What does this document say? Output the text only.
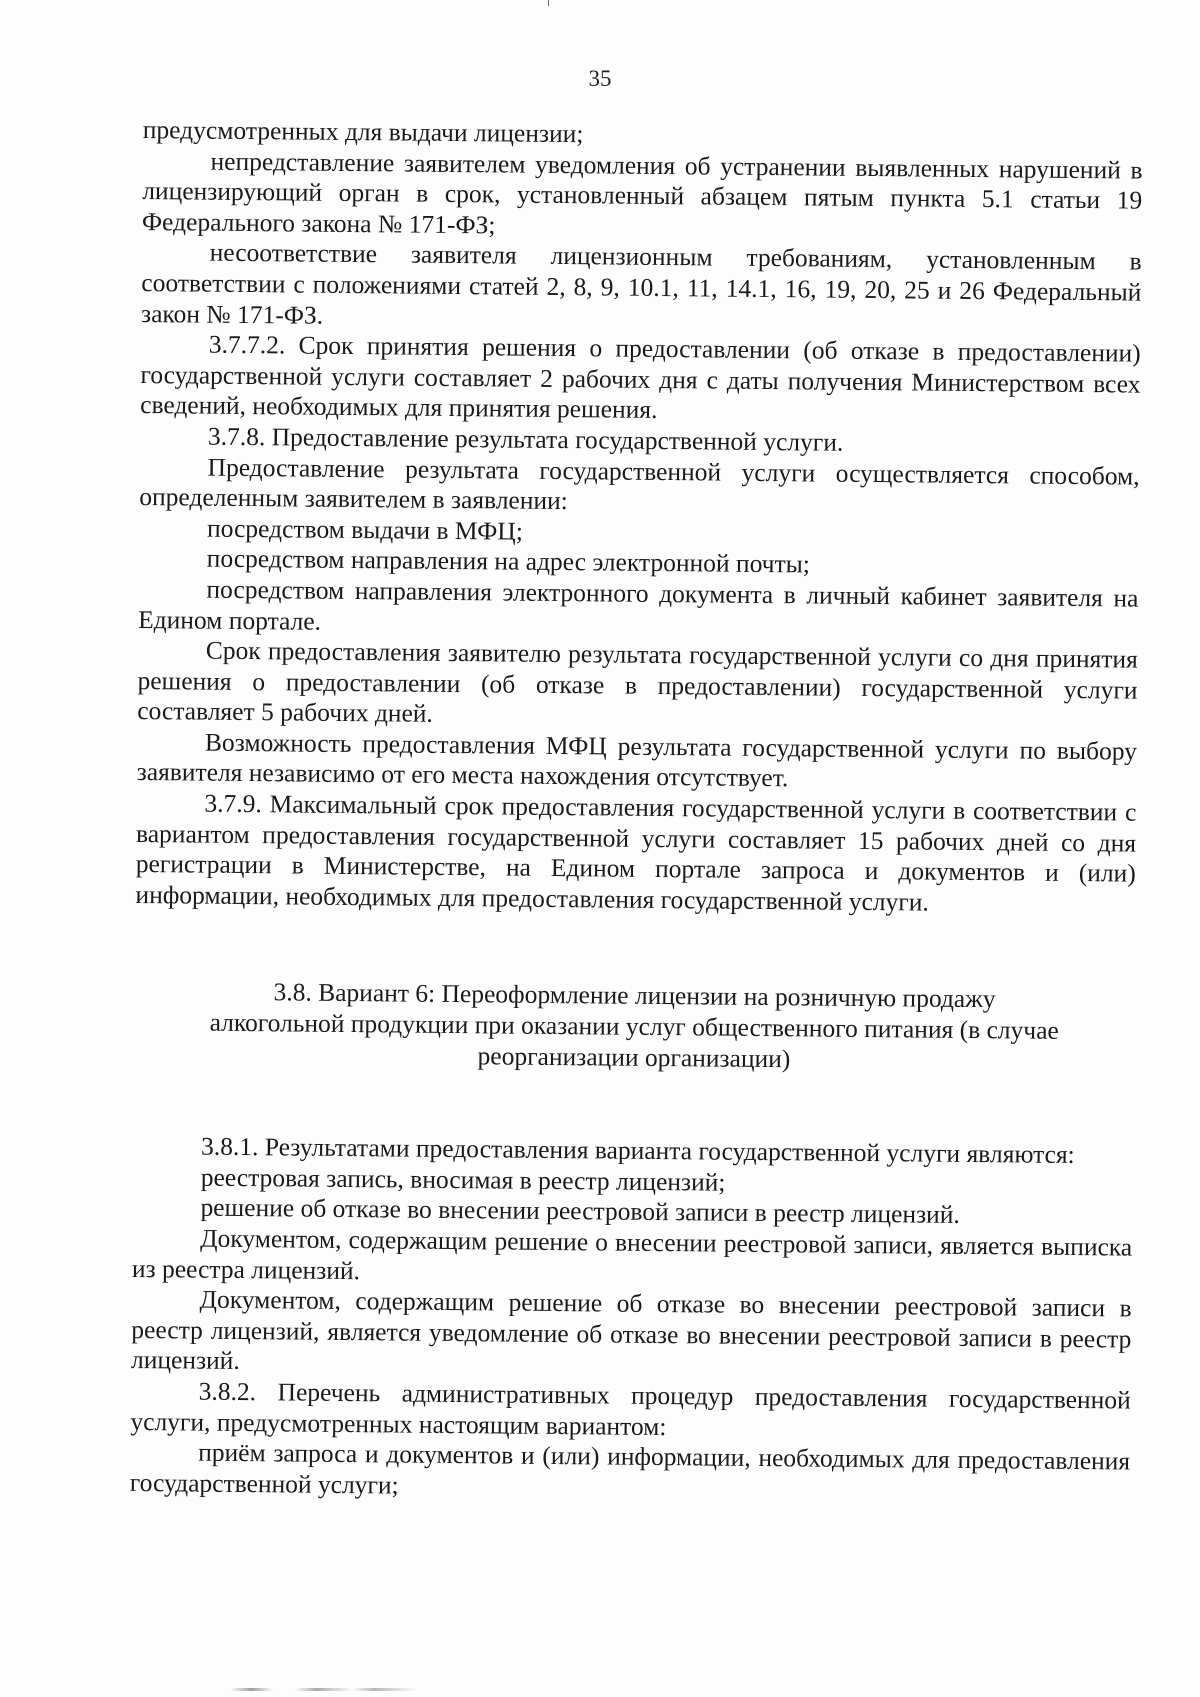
35

предусмотренных для выдачи лицензии;

непредставление заявителем уведомления об устранении выявленных нарушений в лицензирующий орган в срок, установленный абзацем пятым пункта 5.1 статьи 19 Федерального закона № 171-ФЗ;

несоответствие заявителя лицензионным требованиям, установленным в соответствии с положениями статей 2, 8, 9, 10.1, 11, 14.1, 16, 19, 20, 25 и 26 Федеральный закон № 171-ФЗ.

3.7.7.2. Срок принятия решения о предоставлении (об отказе в предоставлении) государственной услуги составляет 2 рабочих дня с даты получения Министерством всех сведений, необходимых для принятия решения.

3.7.8. Предоставление результата государственной услуги.

Предоставление результата государственной услуги осуществляется способом, определенным заявителем в заявлении:

посредством выдачи в МФЦ;

посредством направления на адрес электронной почты;

посредством направления электронного документа в личный кабинет заявителя на Едином портале.

Срок предоставления заявителю результата государственной услуги со дня принятия решения о предоставлении (об отказе в предоставлении) государственной услуги составляет 5 рабочих дней.

Возможность предоставления МФЦ результата государственной услуги по выбору заявителя независимо от его места нахождения отсутствует.

3.7.9. Максимальный срок предоставления государственной услуги в соответствии с вариантом предоставления государственной услуги составляет 15 рабочих дней со дня регистрации в Министерстве, на Едином портале запроса и документов и (или) информации, необходимых для предоставления государственной услуги.

3.8. Вариант 6: Переоформление лицензии на розничную продажу
алкогольной продукции при оказании услуг общественного питания (в случае
реорганизации организации)

3.8.1. Результатами предоставления варианта государственной услуги являются:

реестровая запись, вносимая в реестр лицензий;

решение об отказе во внесении реестровой записи в реестр лицензий.

Документом, содержащим решение о внесении реестровой записи, является выписка из реестра лицензий.

Документом, содержащим решение об отказе во внесении реестровой записи в реестр лицензий, является уведомление об отказе во внесении реестровой записи в реестр лицензий.

3.8.2. Перечень административных процедур предоставления государственной услуги, предусмотренных настоящим вариантом:

приём запроса и документов и (или) информации, необходимых для предоставления государственной услуги;
